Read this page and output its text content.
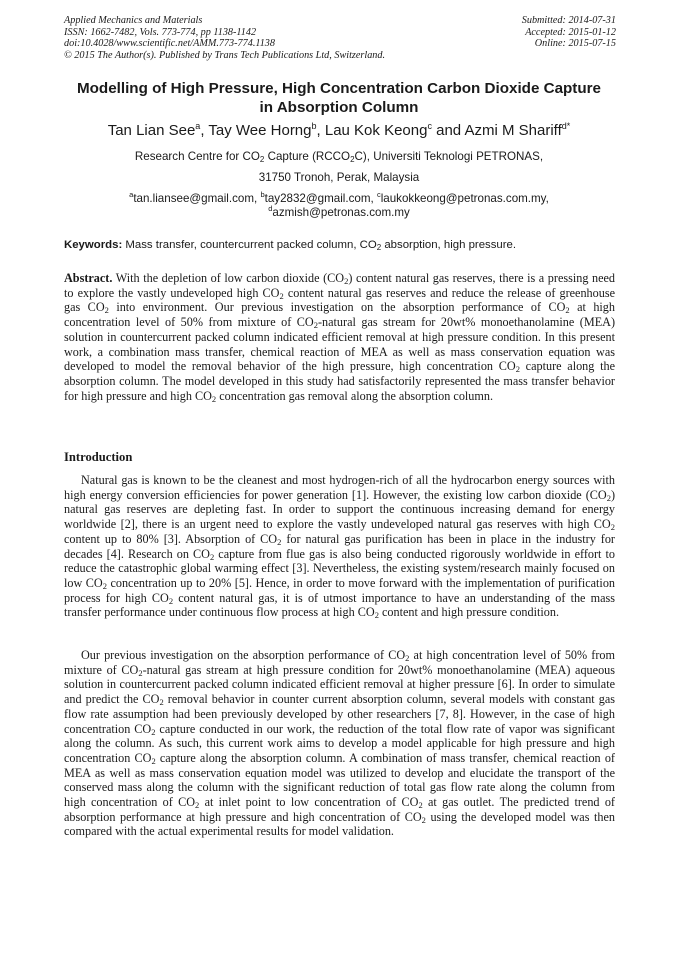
Applied Mechanics and Materials
ISSN: 1662-7482, Vols. 773-774, pp 1138-1142
doi:10.4028/www.scientific.net/AMM.773-774.1138
© 2015 The Author(s). Published by Trans Tech Publications Ltd, Switzerland.
Submitted: 2014-07-31
Accepted: 2015-01-12
Online: 2015-07-15
Modelling of High Pressure, High Concentration Carbon Dioxide Capture
in Absorption Column
Tan Lian See$^a$, Tay Wee Horng$^b$, Lau Kok Keong$^c$ and Azmi M Shariff$^{d*}$
Research Centre for $CO_2$ Capture $(RCCO_2C)$, Universiti Teknologi PETRONAS,
31750 Tronoh, Perak, Malaysia
$^a$tan.liansee@gmail.com, $^b$tay2832@gmail.com, $^c$laukokkeong@petronas.com.my,
$^d$azmish@petronas.com.my
Keywords: Mass transfer, countercurrent packed column, $CO_2$ absorption, high pressure.

Abstract. With the depletion of low carbon dioxide $(CO_2)$ content natural gas reserves, there is a pressing need to explore the vastly undeveloped high $CO_2$ content natural gas reserves and reduce the release of greenhouse gas $CO_2$ into environment. Our previous investigation on the absorption performance of $CO_2$ at high concentration level of 50% from mixture of $CO_2$-natural gas stream for 20wt% monoethanolamine (MEA) solution in countercurrent packed column indicated efficient removal at high pressure condition. In this present work, a combination mass transfer, chemical reaction of MEA as well as mass conservation equation was developed to model the removal behavior of the high pressure, high concentration $CO_2$ capture along the absorption column. The model developed in this study had satisfactorily represented the mass transfer behavior for high pressure and high $CO_2$ concentration gas removal along the absorption column.

Introduction

Natural gas is known to be the cleanest and most hydrogen-rich of all the hydrocarbon energy sources with high energy conversion efficiencies for power generation [1]. However, the existing low carbon dioxide $(CO_2)$ natural gas reserves are depleting fast. In order to support the continuous increasing demand for energy worldwide [2], there is an urgent need to explore the vastly undeveloped natural gas reserves with high $CO_2$ content up to 80% [3]. Absorption of $CO_2$ for natural gas purification has been in place in the industry for decades [4]. Research on $CO_2$ capture from flue gas is also being conducted rigorously worldwide in effort to reduce the catastrophic global warming effect [3]. Nevertheless, the existing system/research mainly focused on low $CO_2$ concentration up to 20% [5]. Hence, in order to move forward with the implementation of purification process for high $CO_2$ content natural gas, it is of utmost importance to have an understanding of the mass transfer performance under continuous flow process at high $CO_2$ content and high pressure condition.

Our previous investigation on the absorption performance of $CO_2$ at high concentration level of 50% from mixture of $CO_2$-natural gas stream at high pressure condition for 20wt% monoethanolamine (MEA) aqueous solution in countercurrent packed column indicated efficient removal at higher pressure [6]. In order to simulate and predict the $CO_2$ removal behavior in counter current absorption column, several models with constant gas flow rate assumption had been previously developed by other researchers [7, 8]. However, in the case of high concentration $CO_2$ capture conducted in our work, the reduction of the total flow rate of vapor was significant along the column. As such, this current work aims to develop a model applicable for high pressure and high concentration $CO_2$ capture along the absorption column. A combination of mass transfer, chemical reaction of MEA as well as mass conservation equation model was utilized to develop and elucidate the transport of the conserved mass along the column with the significant reduction of total gas flow rate along the column from high concentration of $CO_2$ at inlet point to low concentration of $CO_2$ at gas outlet. The predicted trend of absorption performance at high pressure and high concentration of $CO_2$ using the developed model was then compared with the actual experimental results for model validation.
